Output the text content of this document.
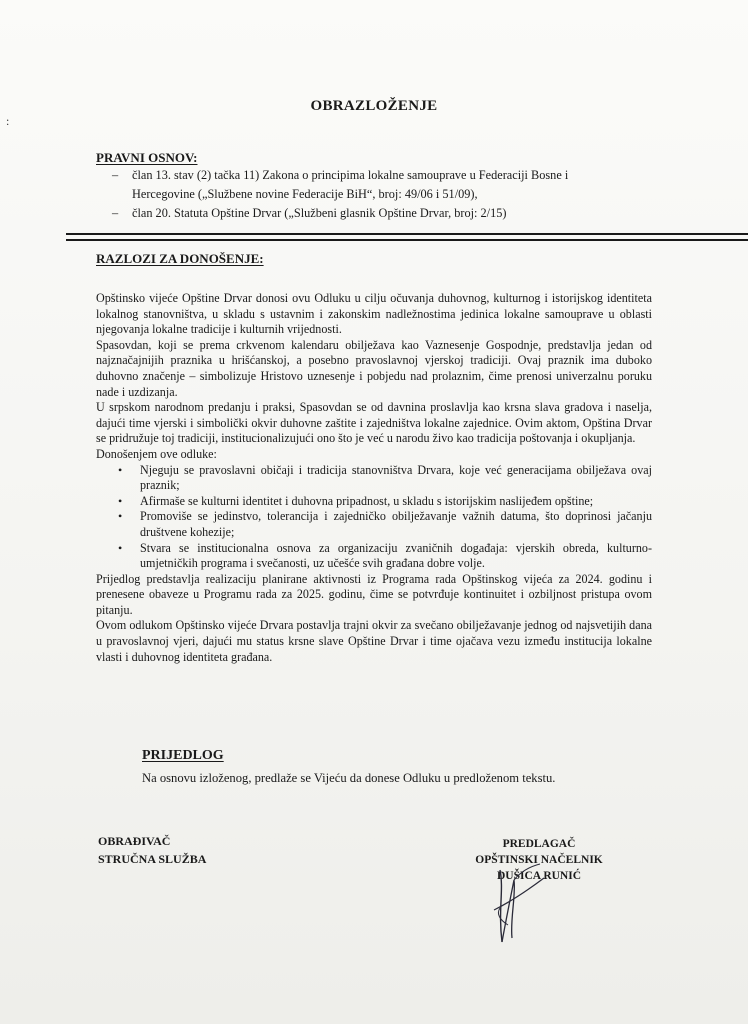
:
OBRAZLOŽENJE
PRAVNI OSNOV:
– član 13. stav (2) tačka 11) Zakona o principima lokalne samouprave u Federaciji Bosne i Hercegovine („Službene novine Federacije BiH“, broj: 49/06 i 51/09),
– član 20. Statuta Opštine Drvar („Službeni glasnik Opštine Drvar, broj: 2/15)
RAZLOZI ZA DONOŠENJE:

Opštinsko vijeće Opštine Drvar donosi ovu Odluku u cilju očuvanja duhovnog, kulturnog i istorijskog identiteta lokalnog stanovništva, u skladu s ustavnim i zakonskim nadležnostima jedinica lokalne samouprave u oblasti njegovanja lokalne tradicije i kulturnih vrijednosti.

Spasovdan, koji se prema crkvenom kalendaru obilježava kao Vaznesenje Gospodnje, predstavlja jedan od najznačajnijih praznika u hrišćanskoj, a posebno pravoslavnoj vjerskoj tradiciji. Ovaj praznik ima duboko duhovno značenje – simbolizuje Hristovo uznesenje i pobjedu nad prolaznim, čime prenosi univerzalnu poruku nade i uzdizanja.

U srpskom narodnom predanju i praksi, Spasovdan se od davnina proslavlja kao krsna slava gradova i naselja, dajući time vjerski i simbolički okvir duhovne zaštite i zajedništva lokalne zajednice. Ovim aktom, Opština Drvar se pridružuje toj tradiciji, institucionalizujući ono što je već u narodu živo kao tradicija poštovanja i okupljanja.

Donošenjem ove odluke:

• Njeguju se pravoslavni običaji i tradicija stanovništva Drvara, koje već generacijama obilježava ovaj praznik;
• Afirmaše se kulturni identitet i duhovna pripadnost, u skladu s istorijskim naslijeđem opštine;
• Promoviše se jedinstvo, tolerancija i zajedničko obilježavanje važnih datuma, što doprinosi jačanju društvene kohezije;
• Stvara se institucionalna osnova za organizaciju zvaničnih događaja: vjerskih obreda, kulturno-umjetničkih programa i svečanosti, uz učešće svih građana dobre volje.

Prijedlog predstavlja realizaciju planirane aktivnosti iz Programa rada Opštinskog vijeća za 2024. godinu i prenesene obaveze u Programu rada za 2025. godinu, čime se potvrđuje kontinuitet i ozbiljnost pristupa ovom pitanju.

Ovom odlukom Opštinsko vijeće Drvara postavlja trajni okvir za svečano obilježavanje jednog od najsvetijih dana u pravoslavnoj vjeri, dajući mu status krsne slave Opštine Drvar i time ojačava vezu između institucija lokalne vlasti i duhovnog identiteta građana.

PRIJEDLOG
Na osnovu izloženog, predlaže se Vijeću da donese Odluku u predloženom tekstu.
OBRAĐIVAČ
STRUČNA SLUŽBA
PREDLAGAČ
OPŠTINSKI NAČELNIK
DUŠICA RUNIĆ
